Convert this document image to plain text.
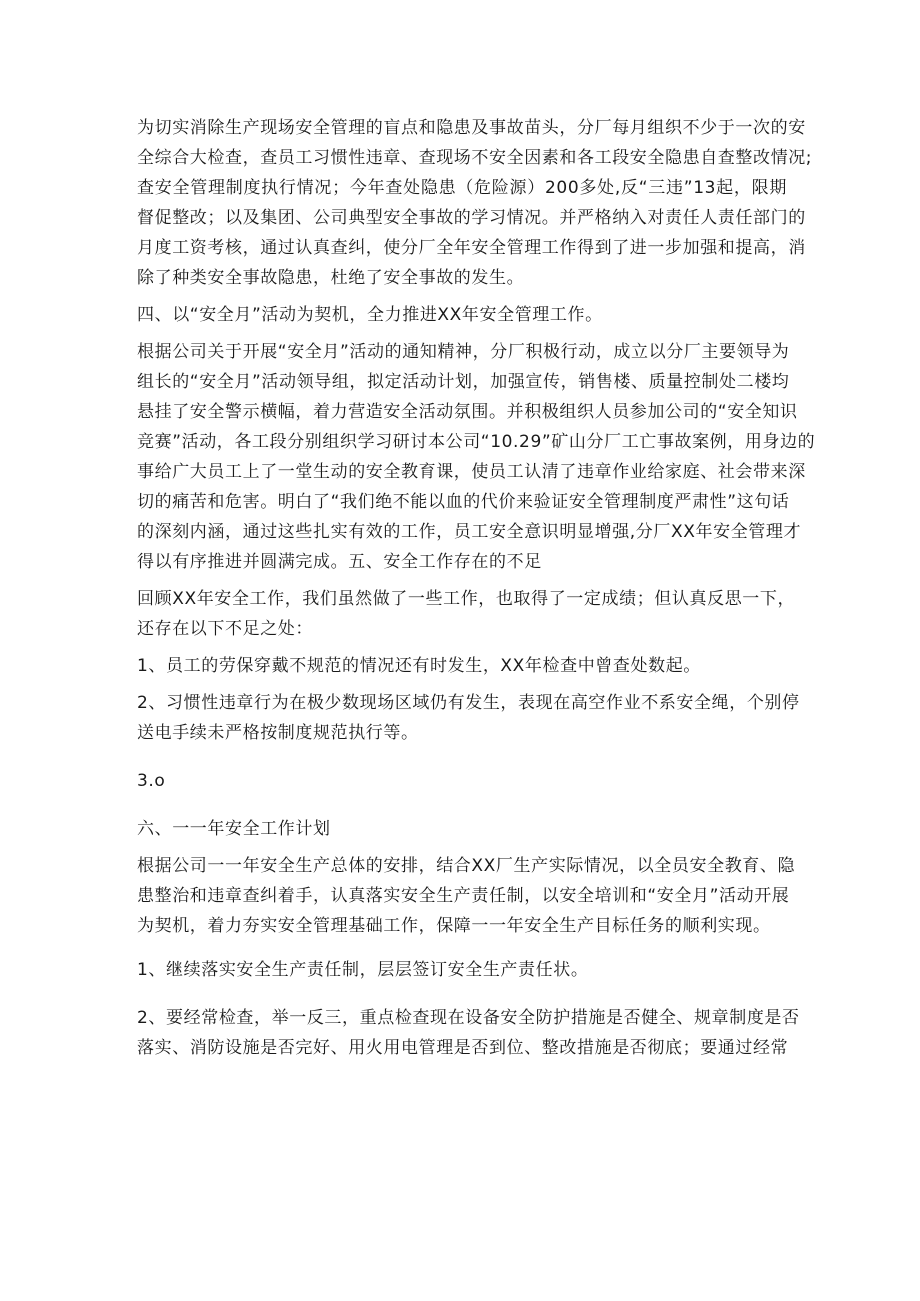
为切实消除生产现场安全管理的盲点和隐患及事故苗头，分厂每月组织不少于一次的安
全综合大检查，查员工习惯性违章、查现场不安全因素和各工段安全隐患自查整改情况;
查安全管理制度执行情况；今年查处隐患（危险源）200多处,反“三违”13起，限期
督促整改；以及集团、公司典型安全事故的学习情况。并严格纳入对责任人责任部门的
月度工资考核，通过认真查纠，使分厂全年安全管理工作得到了进一步加强和提高，消
除了种类安全事故隐患，杜绝了安全事故的发生。
四、以“安全月”活动为契机，全力推进XX年安全管理工作。
根据公司关于开展“安全月”活动的通知精神，分厂积极行动，成立以分厂主要领导为
组长的“安全月”活动领导组，拟定活动计划，加强宣传，销售楼、质量控制处二楼均
悬挂了安全警示横幅，着力营造安全活动氛围。并积极组织人员参加公司的“安全知识
竞赛”活动，各工段分别组织学习研讨本公司“10.29”矿山分厂工亡事故案例，用身边的
事给广大员工上了一堂生动的安全教育课，使员工认清了违章作业给家庭、社会带来深
切的痛苦和危害。明白了“我们绝不能以血的代价来验证安全管理制度严肃性”这句话
的深刻内涵，通过这些扎实有效的工作，员工安全意识明显增强,分厂XX年安全管理才
得以有序推进并圆满完成。五、安全工作存在的不足
回顾XX年安全工作，我们虽然做了一些工作，也取得了一定成绩；但认真反思一下，
还存在以下不足之处：
1、员工的劳保穿戴不规范的情况还有时发生，XX年检查中曾查处数起。
2、习惯性违章行为在极少数现场区域仍有发生，表现在高空作业不系安全绳，个别停
送电手续未严格按制度规范执行等。
3.o
六、一一年安全工作计划
根据公司一一年安全生产总体的安排，结合XX厂生产实际情况，以全员安全教育、隐
患整治和违章查纠着手，认真落实安全生产责任制，以安全培训和“安全月”活动开展
为契机，着力夯实安全管理基础工作，保障一一年安全生产目标任务的顺利实现。
1、继续落实安全生产责任制，层层签订安全生产责任状。
2、要经常检查，举一反三，重点检查现在设备安全防护措施是否健全、规章制度是否
落实、消防设施是否完好、用火用电管理是否到位、整改措施是否彻底；要通过经常
